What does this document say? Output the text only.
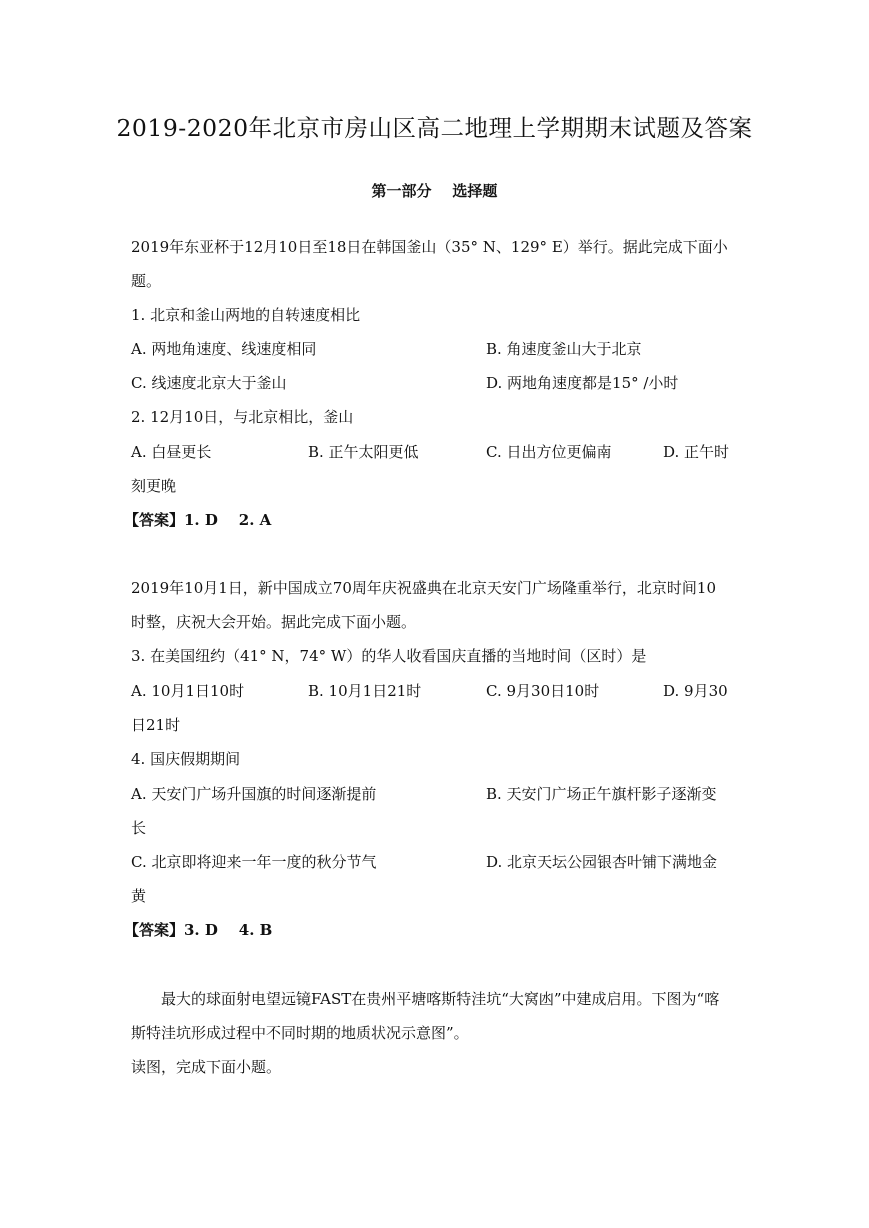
2019-2020年北京市房山区高二地理上学期期末试题及答案
第一部分    选择题
2019年东亚杯于12月10日至18日在韩国釜山（35° N、129° E）举行。据此完成下面小
题。
1. 北京和釜山两地的自转速度相比
A. 两地角速度、线速度相同	B. 角速度釜山大于北京
C. 线速度北京大于釜山	D. 两地角速度都是15° /小时
2. 12月10日，与北京相比，釜山
A. 白昼更长	B. 正午太阳更低	C. 日出方位更偏南	D. 正午时
刻更晚
【答案】1. D    2. A
2019年10月1日，新中国成立70周年庆祝盛典在北京天安门广场隆重举行，北京时间10
时整，庆祝大会开始。据此完成下面小题。
3. 在美国纽约（41° N，74° W）的华人收看国庆直播的当地时间（区时）是
A. 10月1日10时	B. 10月1日21时	C. 9月30日10时	D. 9月30
日21时
4. 国庆假期期间
A. 天安门广场升国旗的时间逐渐提前	B. 天安门广场正午旗杆影子逐渐变
长
C. 北京即将迎来一年一度的秋分节气	D. 北京天坛公园银杏叶铺下满地金
黄
【答案】3. D    4. B
最大的球面射电望远镜FAST在贵州平塘喀斯特洼坑“大窝凼”中建成启用。下图为“喀
斯特洼坑形成过程中不同时期的地质状况示意图”。
读图，完成下面小题。
